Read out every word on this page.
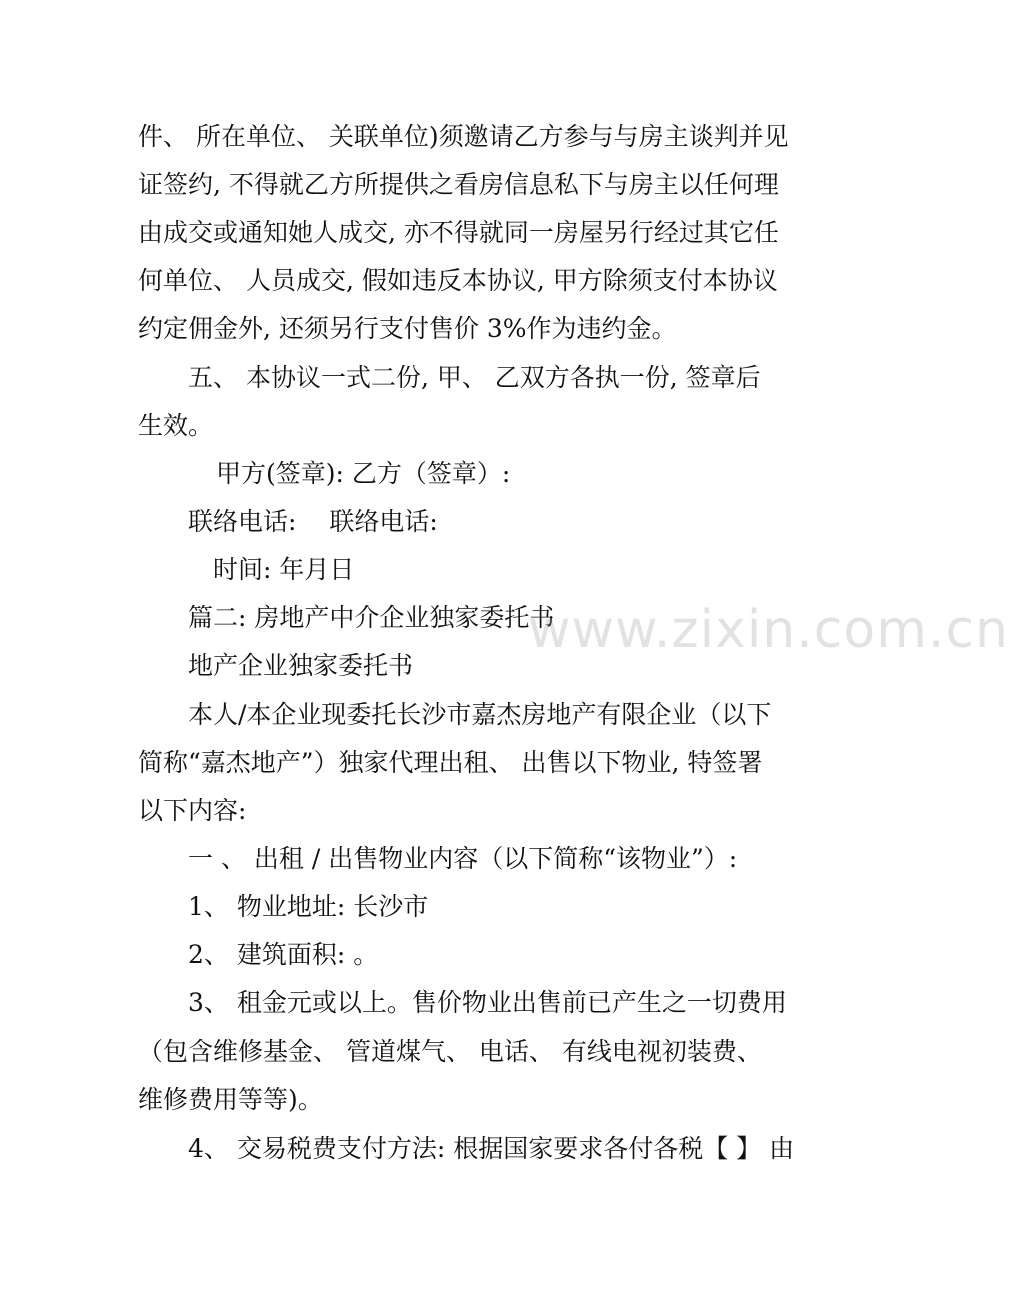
件、 所在单位、 关联单位)须邀请乙方参与与房主谈判并见
证签约, 不得就乙方所提供之看房信息私下与房主以任何理
由成交或通知她人成交, 亦不得就同一房屋另行经过其它任
何单位、 人员成交, 假如违反本协议, 甲方除须支付本协议
约定佣金外, 还须另行支付售价 3%作为违约金。
五、 本协议一式二份, 甲、 乙双方各执一份, 签章后
生效。
甲方(签章): 乙方（签章）:
联络电话:　 联络电话:
时间: 年月日
篇二: 房地产中介企业独家委托书
地产企业独家委托书
本人/本企业现委托长沙市嘉杰房地产有限企业（以下
简称“嘉杰地产”）独家代理出租、 出售以下物业, 特签署
以下内容:
一 、 出租 / 出售物业内容（以下简称“该物业”）:
1、 物业地址: 长沙市
2、 建筑面积: 。
3、 租金元或以上。售价物业出售前已产生之一切费用
（包含维修基金、 管道煤气、 电话、 有线电视初装费、
维修费用等等)。
4、 交易税费支付方法: 根据国家要求各付各税【 】 由
www.zixin.com.cn
